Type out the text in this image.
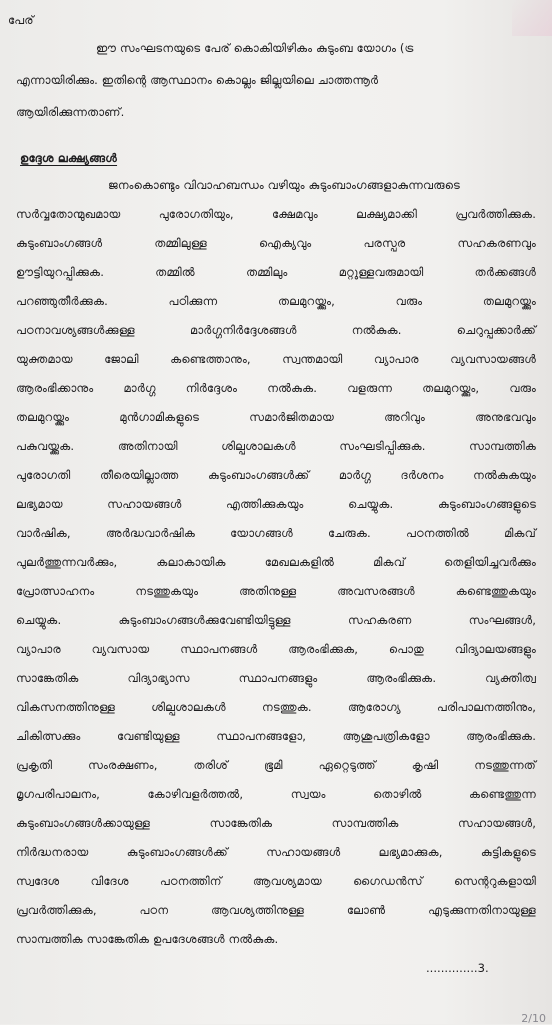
പേര്
ഈ സംഘടനയുടെ പേര് കൊകിയിഴികം കുടുംബ യോഗം (ട്ര
എന്നായിരിക്കും. ഇതിന്റെ ആസ്ഥാനം കൊല്ലം ജില്ലയിലെ ചാത്തന്നൂർ
ആയിരിക്കുന്നതാണ്.
ഉദ്ദേശ ലക്ഷ്യങ്ങൾ
ജനംകൊണ്ടും വിവാഹബന്ധം വഴിയും കുടുംബാംഗങ്ങളാകുന്നവരുടെ
സർവ്വതോന്മുഖമായ പുരോഗതിയും, ക്ഷേമവും ലക്ഷ്യമാക്കി പ്രവർത്തിക്കുക.
കുടുംബാംഗങ്ങൾ തമ്മിലുള്ള ഐക്യവും പരസ്പര സഹകരണവും
ഊട്ടിയുറപ്പിക്കുക. തമ്മിൽ തമ്മിലും മറ്റുള്ളവരുമായി തർക്കങ്ങൾ
പറഞ്ഞുതീർക്കുക. പഠിക്കുന്ന തലമുറയ്ക്കും, വരും തലമുറയ്ക്കും
പഠനാവശ്യങ്ങൾക്കുള്ള മാർഗ്ഗനിർദ്ദേശങ്ങൾ നൽകുക. ചെറുപ്പക്കാർക്ക്
യുക്തമായ ജോലി കണ്ടെത്താനും, സ്വന്തമായി വ്യാപാര വ്യവസായങ്ങൾ
ആരംഭിക്കാനും മാർഗ്ഗ നിർദ്ദേശം നൽകുക. വളരുന്ന തലമുറയ്ക്കും, വരും
തലമുറയ്ക്കും മുൻഗാമികളുടെ സമാർജിതമായ അറിവും അനുഭവവും
പകുവയ്ക്കുക. അതിനായി ശില്പശാലകൾ സംഘടിപ്പിക്കുക. സാമ്പത്തിക
പുരോഗതി തീരെയില്ലാത്ത കുടുംബാംഗങ്ങൾക്ക് മാർഗ്ഗ ദർശനം നൽകുകയും
ലഭ്യമായ സഹായങ്ങൾ എത്തിക്കുകയും ചെയ്യുക. കുടുംബാംഗങ്ങളുടെ
വാർഷിക, അർദ്ധവാർഷിക യോഗങ്ങൾ ചേരുക. പഠനത്തിൽ മികവ്
പുലർത്തുന്നവർക്കും, കലാകായിക മേഖലകളിൽ മികവ് തെളിയിച്ചവർക്കും
പ്രോത്സാഹനം നടത്തുകയും അതിനുള്ള അവസരങ്ങൾ കണ്ടെത്തുകയും
ചെയ്യുക. കുടുംബാംഗങ്ങൾക്കുവേണ്ടിയിട്ടുള്ള സഹകരണ സംഘങ്ങൾ,
വ്യാപാര വ്യവസായ സ്ഥാപനങ്ങൾ ആരംഭിക്കുക, പൊതു വിദ്യാലയങ്ങളും
സാങ്കേതിക വിദ്യാഭ്യാസ സ്ഥാപനങ്ങളും ആരംഭിക്കുക. വ്യക്തിത്വ
വികസനത്തിനുള്ള ശില്പശാലകൾ നടത്തുക. ആരോഗ്യ പരിപാലനത്തിനും,
ചികിത്സക്കും വേണ്ടിയുള്ള സ്ഥാപനങ്ങളോ, ആശുപത്രികളോ ആരംഭിക്കുക.
പ്രകൃതി സംരക്ഷണം, തരിശ് ഭൂമി ഏറ്റെടുത്ത് കൃഷി നടത്തുന്നത്
മൃഗപരിപാലനം, കോഴിവളർത്തൽ, സ്വയം തൊഴിൽ കണ്ടെത്തുന്ന
കുടുംബാംഗങ്ങൾക്കായുള്ള സാങ്കേതിക സാമ്പത്തിക സഹായങ്ങൾ,
നിർദ്ധനരായ കുടുംബാംഗങ്ങൾക്ക് സഹായങ്ങൾ ലഭ്യമാക്കുക, കുട്ടികളുടെ
സ്വദേശ വിദേശ പഠനത്തിന് ആവശ്യമായ ഗൈഡൻസ് സെന്ററുകളായി
പ്രവർത്തിക്കുക, പഠന ആവശ്യത്തിനുള്ള ലോൺ എടുക്കുന്നതിനായുള്ള
സാമ്പത്തിക സാങ്കേതിക ഉപദേശങ്ങൾ നൽകുക.
..............3.
2/10
